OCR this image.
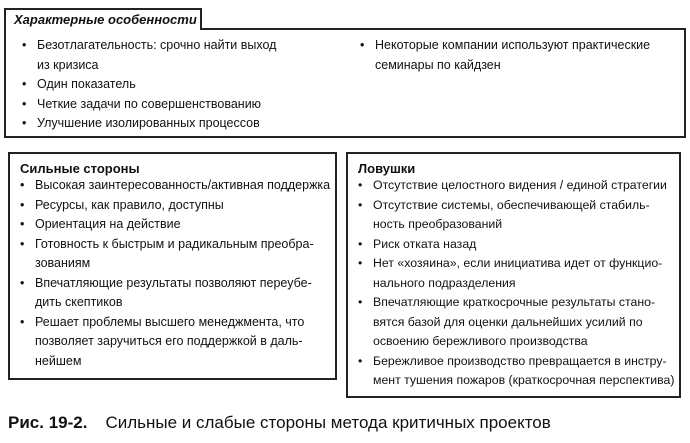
Характерные особенности
• Безотлагательность: срочно найти выход
из кризиса
• Один показатель
• Четкие задачи по совершенствованию
• Улучшение изолированных процессов
• Некоторые компании используют практические
семинары по кайдзен
Сильные стороны
• Высокая заинтересованность/активная поддержка
• Ресурсы, как правило, доступны
• Ориентация на действие
• Готовность к быстрым и радикальным преобра-
зованиям
• Впечатляющие результаты позволяют переубе-
дить скептиков
• Решает проблемы высшего менеджмента, что
позволяет заручиться его поддержкой в даль-
нейшем
Ловушки
• Отсутствие целостного видения / единой стратегии
• Отсутствие системы, обеспечивающей стабиль-
ность преобразований
• Риск отката назад
• Нет «хозяина», если инициатива идет от функцио-
нального подразделения
• Впечатляющие краткосрочные результаты стано-
вятся базой для оценки дальнейших усилий по
освоению бережливого производства
• Бережливое производство превращается в инстру-
мент тушения пожаров (краткосрочная перспектива)
Рис. 19-2. Сильные и слабые стороны метода критичных проектов
